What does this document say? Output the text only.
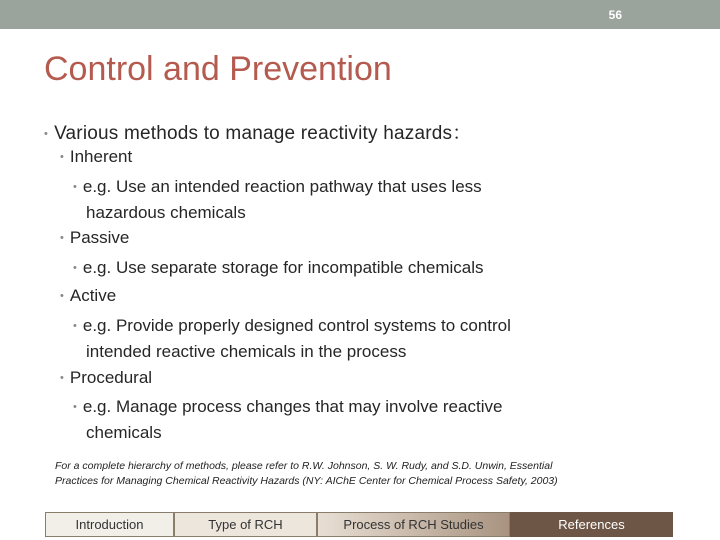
56
Control and Prevention
• Various methods to manage reactivity hazards：
• Inherent
• e.g. Use an intended reaction pathway that uses less
hazardous chemicals
• Passive
• e.g. Use separate storage for incompatible chemicals
• Active
• e.g. Provide properly designed control systems to control
intended reactive chemicals in the process
• Procedural
• e.g. Manage process changes that may involve reactive
chemicals
For a complete hierarchy of methods, please refer to R.W. Johnson, S. W. Rudy, and S.D. Unwin, Essential
Practices for Managing Chemical Reactivity Hazards (NY: AIChE Center for Chemical Process Safety, 2003)
Introduction	Type of RCH	Process of RCH Studies	References
